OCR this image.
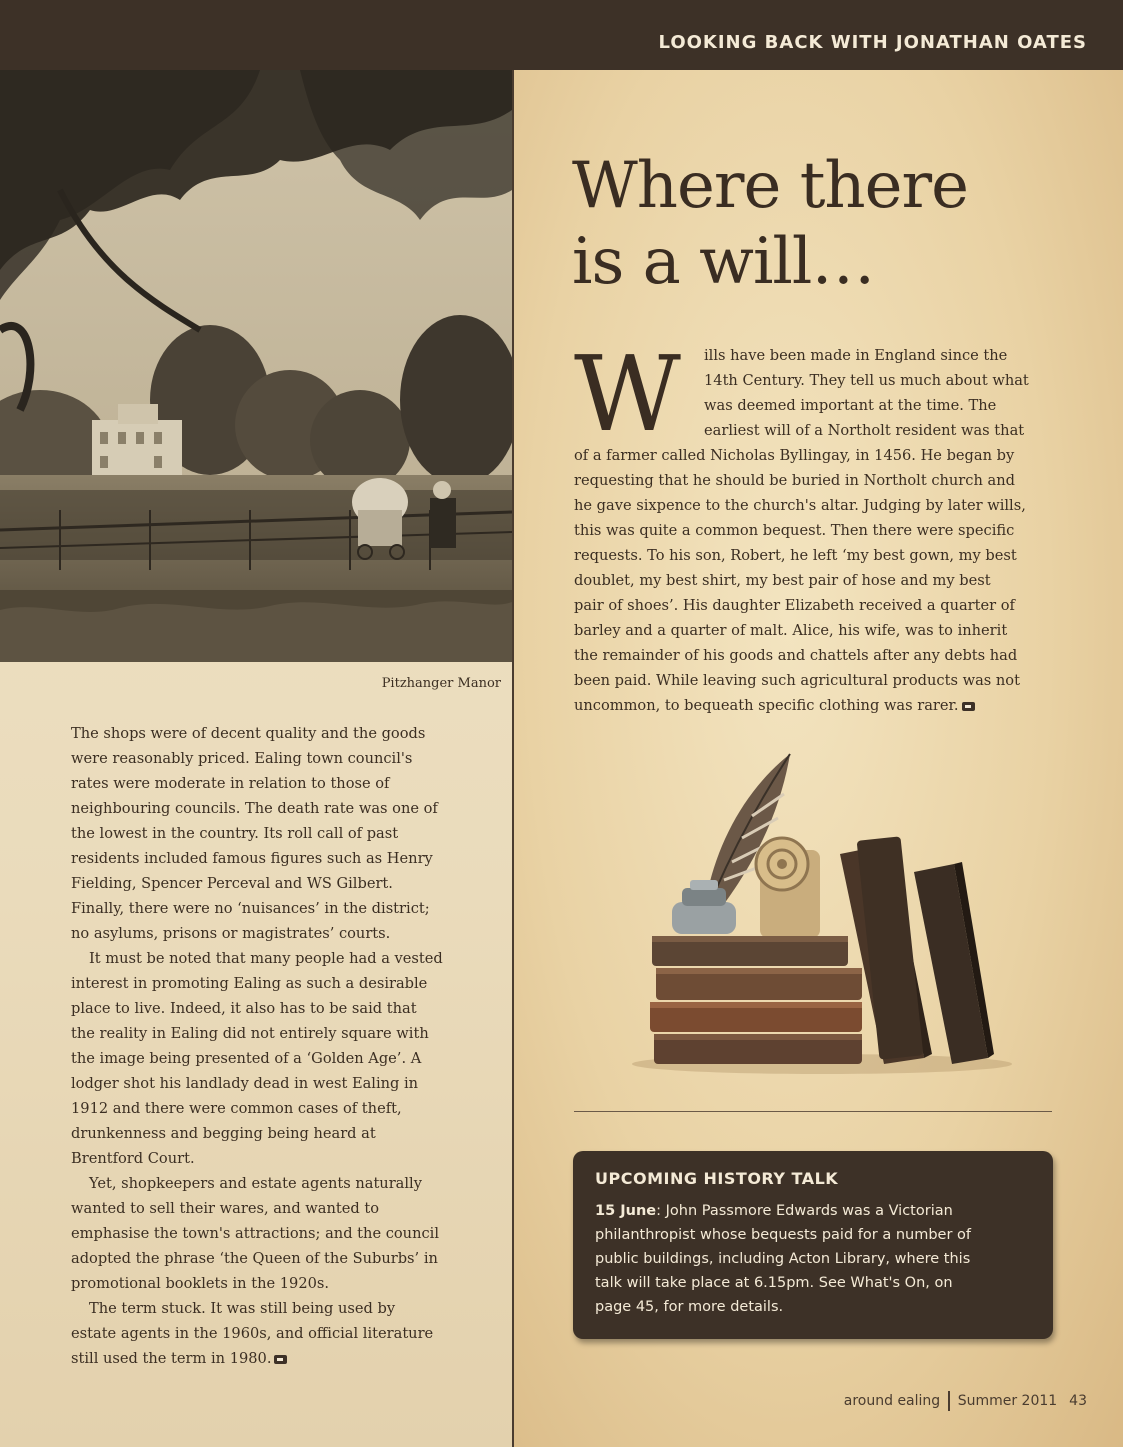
LOOKING BACK WITH JONATHAN OATES
Pitzhanger Manor

The shops were of decent quality and the goods were reasonably priced. Ealing town council's rates were moderate in relation to those of neighbouring councils. The death rate was one of the lowest in the country. Its roll call of past residents included famous figures such as Henry Fielding, Spencer Perceval and WS Gilbert. Finally, there were no ‘nuisances’ in the district; no asylums, prisons or magistrates’ courts.

It must be noted that many people had a vested interest in promoting Ealing as such a desirable place to live. Indeed, it also has to be said that the reality in Ealing did not entirely square with the image being presented of a ‘Golden Age’. A lodger shot his landlady dead in west Ealing in 1912 and there were common cases of theft, drunkenness and begging being heard at Brentford Court.

Yet, shopkeepers and estate agents naturally wanted to sell their wares, and wanted to emphasise the town's attractions; and the council adopted the phrase ‘the Queen of the Suburbs’ in promotional booklets in the 1920s.

The term stuck. It was still being used by estate agents in the 1960s, and official literature still used the term in 1980.

Where there
is a will…
W	ills have been made in England since the
14th Century. They tell us much about what
was deemed important at the time. The
earliest will of a Northolt resident was that
of a farmer called Nicholas Byllingay, in 1456. He began by
requesting that he should be buried in Northolt church and
he gave sixpence to the church's altar. Judging by later wills,
this was quite a common bequest. Then there were specific
requests. To his son, Robert, he left ‘my best gown, my best
doublet, my best shirt, my best pair of hose and my best
pair of shoes’. His daughter Elizabeth received a quarter of
barley and a quarter of malt. Alice, his wife, was to inherit
the remainder of his goods and chattels after any debts had
been paid. While leaving such agricultural products was not
uncommon, to bequeath specific clothing was rarer.
UPCOMING HISTORY TALK
15 June: John Passmore Edwards was a Victorian
philanthropist whose bequests paid for a number of
public buildings, including Acton Library, where this
talk will take place at 6.15pm. See What's On, on
page 45, for more details.
around ealing Summer 2011 43
